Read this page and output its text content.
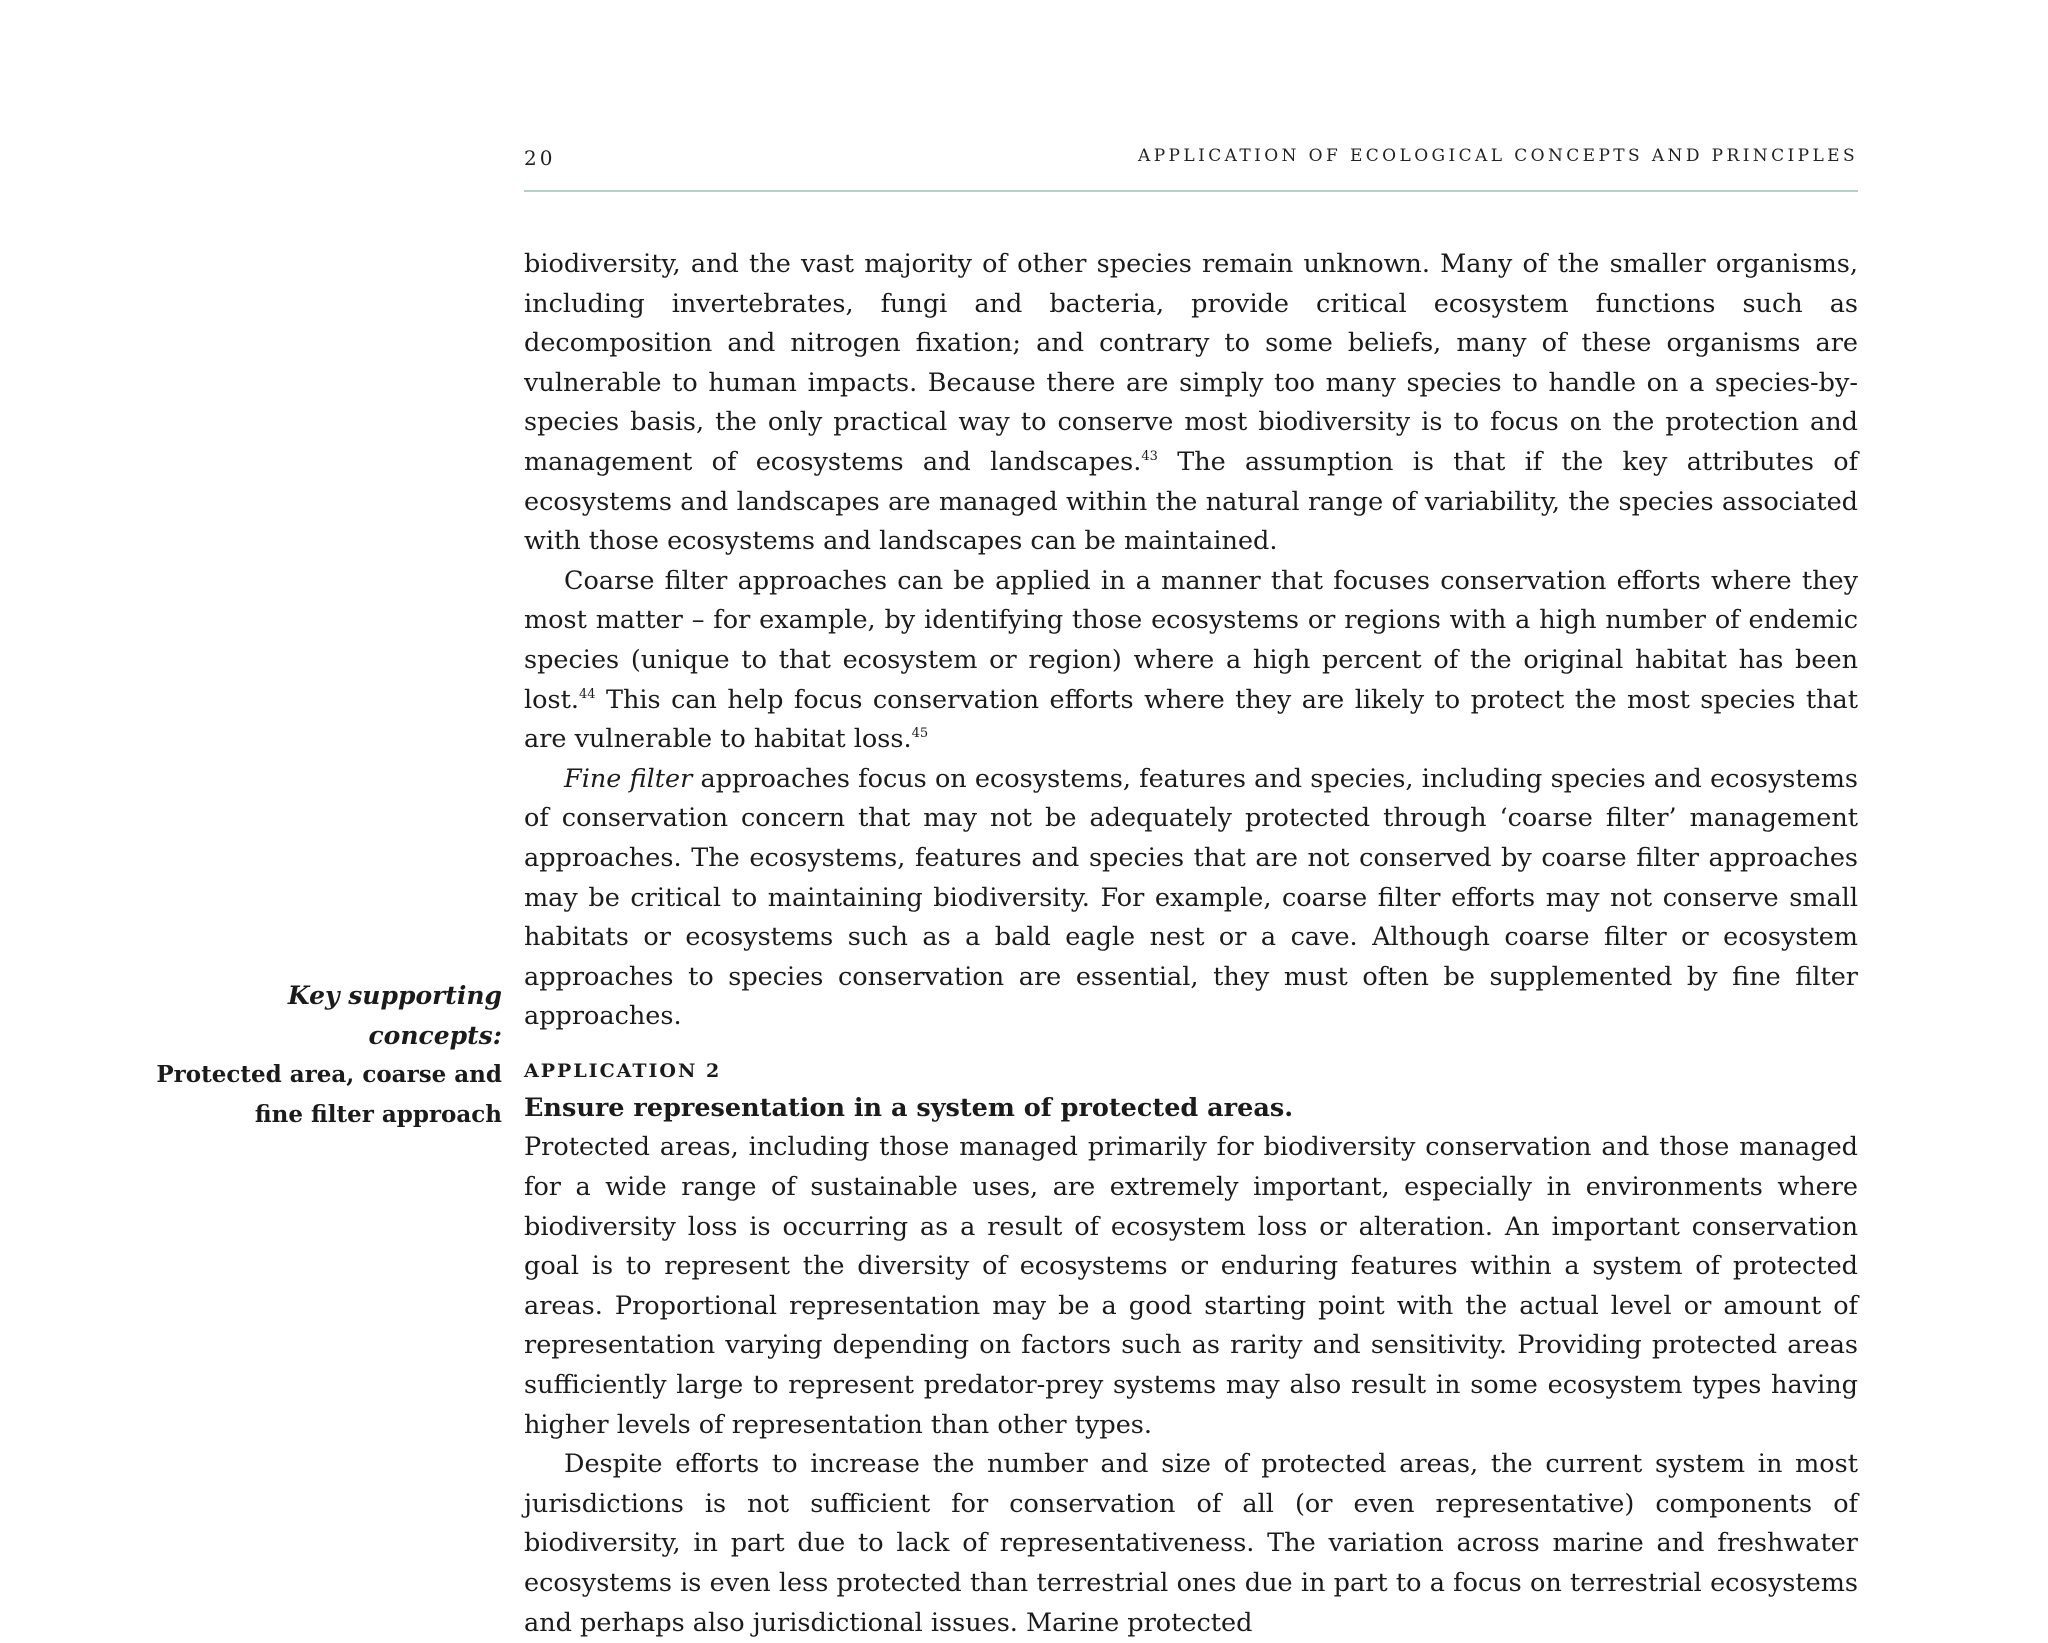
20	APPLICATION OF ECOLOGICAL CONCEPTS AND PRINCIPLES

biodiversity, and the vast majority of other species remain unknown. Many of the smaller organisms, including invertebrates, fungi and bacteria, provide critical ecosystem functions such as decomposition and nitrogen fixation; and contrary to some beliefs, many of these organisms are vulnerable to human impacts. Because there are simply too many species to handle on a species-by-species basis, the only practical way to conserve most biodiversity is to focus on the protection and management of ecosystems and landscapes.$^{43}$ The assumption is that if the key attributes of ecosystems and landscapes are managed within the natural range of variability, the species associated with those ecosystems and landscapes can be maintained.

Coarse filter approaches can be applied in a manner that focuses conservation efforts where they most matter – for example, by identifying those ecosystems or regions with a high number of endemic species (unique to that ecosystem or region) where a high percent of the original habitat has been lost.$^{44}$ This can help focus conservation efforts where they are likely to protect the most species that are vulnerable to habitat loss.$^{45}$

Fine filter approaches focus on ecosystems, features and species, including species and ecosystems of conservation concern that may not be adequately protected through ‘coarse filter’ management approaches. The ecosystems, features and species that are not conserved by coarse filter approaches may be critical to maintaining biodiversity. For example, coarse filter efforts may not conserve small habitats or ecosystems such as a bald eagle nest or a cave. Although coarse filter or ecosystem approaches to species conservation are essential, they must often be supplemented by fine filter approaches.

APPLICATION 2

Ensure representation in a system of protected areas.

Protected areas, including those managed primarily for biodiversity conservation and those managed for a wide range of sustainable uses, are extremely important, especially in environments where biodiversity loss is occurring as a result of ecosystem loss or alteration. An important conservation goal is to represent the diversity of ecosystems or enduring features within a system of protected areas. Proportional representation may be a good starting point with the actual level or amount of representation varying depending on factors such as rarity and sensitivity. Providing protected areas sufficiently large to represent predator-prey systems may also result in some ecosystem types having higher levels of representation than other types.

Despite efforts to increase the number and size of protected areas, the current system in most jurisdictions is not sufficient for conservation of all (or even representative) components of biodiversity, in part due to lack of representativeness. The variation across marine and freshwater ecosystems is even less protected than terrestrial ones due in part to a focus on terrestrial ecosystems and perhaps also jurisdictional issues. Marine protected

Key supporting concepts:
Protected area, coarse and
fine filter approach
